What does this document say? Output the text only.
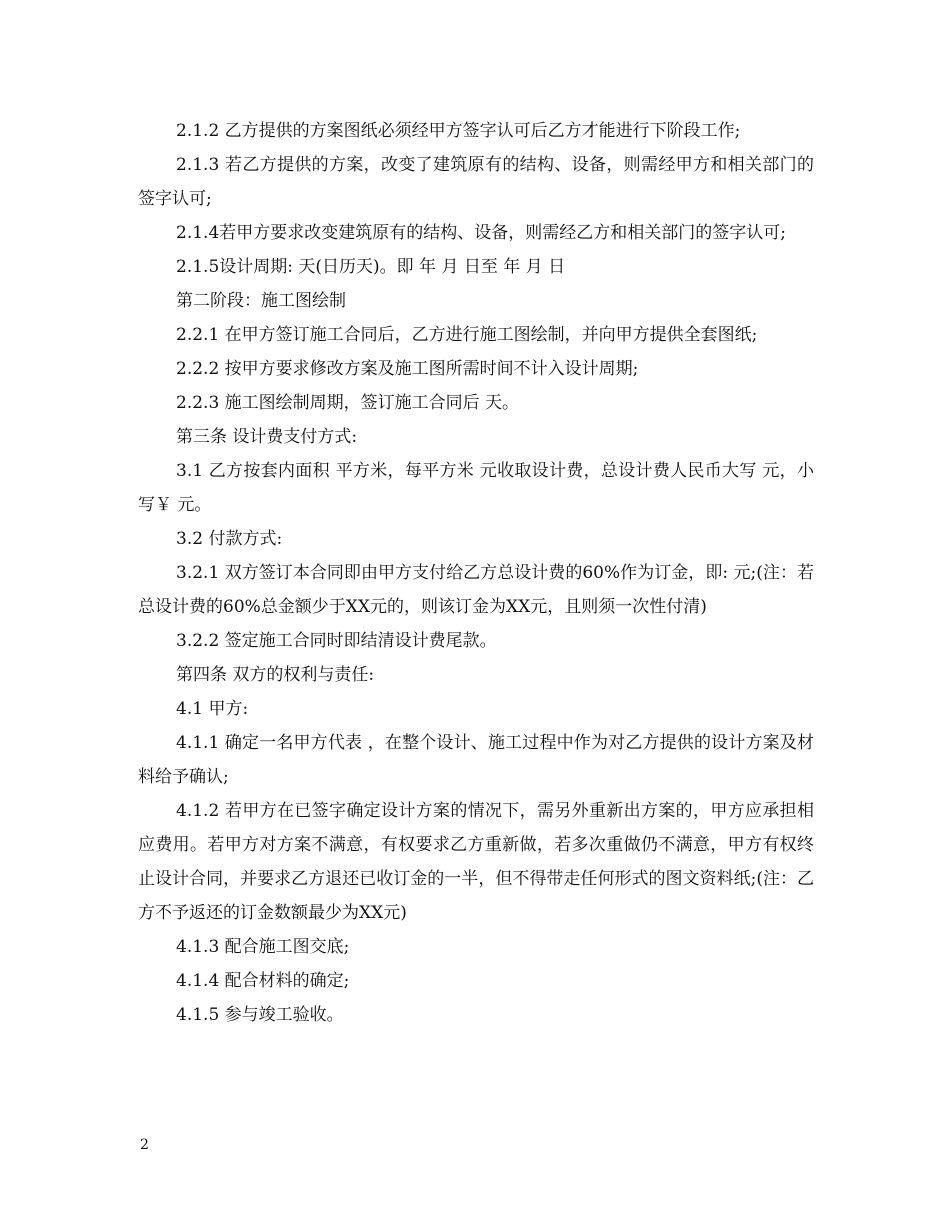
2.1.2 乙方提供的方案图纸必须经甲方签字认可后乙方才能进行下阶段工作;

2.1.3 若乙方提供的方案，改变了建筑原有的结构、设备，则需经甲方和相关部门的签字认可;

2.1.4若甲方要求改变建筑原有的结构、设备，则需经乙方和相关部门的签字认可;

2.1.5设计周期: 天(日历天)。即 年 月 日至 年 月 日

第二阶段：施工图绘制

2.2.1 在甲方签订施工合同后，乙方进行施工图绘制，并向甲方提供全套图纸;

2.2.2 按甲方要求修改方案及施工图所需时间不计入设计周期;

2.2.3 施工图绘制周期，签订施工合同后 天。

第三条 设计费支付方式:

3.1 乙方按套内面积 平方米，每平方米 元收取设计费，总设计费人民币大写 元，小写￥ 元。

3.2 付款方式:

3.2.1 双方签订本合同即由甲方支付给乙方总设计费的60%作为订金，即: 元;(注：若总设计费的60%总金额少于XX元的，则该订金为XX元，且则须一次性付清)

3.2.2 签定施工合同时即结清设计费尾款。

第四条 双方的权利与责任:

4.1 甲方:

4.1.1 确定一名甲方代表 ，在整个设计、施工过程中作为对乙方提供的设计方案及材料给予确认;

4.1.2 若甲方在已签字确定设计方案的情况下，需另外重新出方案的，甲方应承担相应费用。若甲方对方案不满意，有权要求乙方重新做，若多次重做仍不满意，甲方有权终止设计合同，并要求乙方退还已收订金的一半，但不得带走任何形式的图文资料纸;(注：乙方不予返还的订金数额最少为XX元)

4.1.3 配合施工图交底;

4.1.4 配合材料的确定;

4.1.5 参与竣工验收。

2
